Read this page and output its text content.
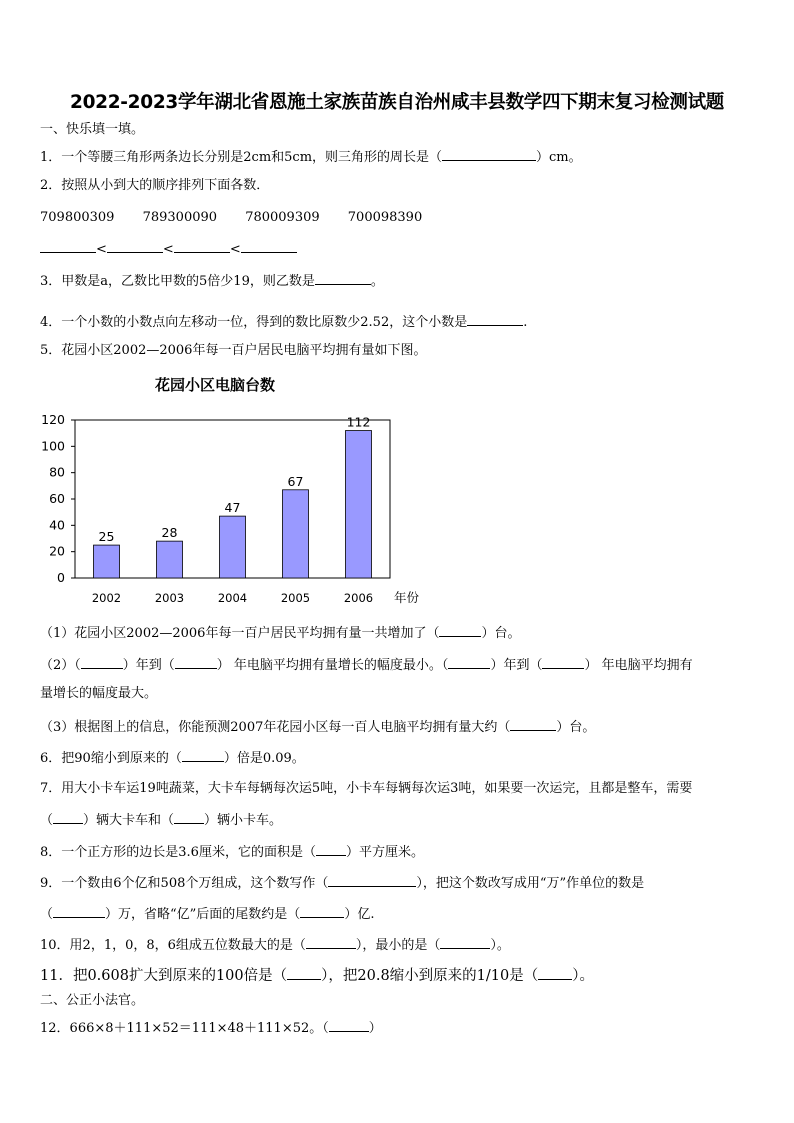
2022-2023学年湖北省恩施土家族苗族自治州咸丰县数学四下期末复习检测试题
一、快乐填一填。
1．一个等腰三角形两条边长分别是2cm和5cm，则三角形的周长是（	）cm。
2．按照从小到大的顺序排列下面各数．
709800309 789300090 780009309 700098390
<	<	<
3．甲数是a，乙数比甲数的5倍少19，则乙数是	。
4．一个小数的小数点向左移动一位，得到的数比原数少2.52，这个小数是	.
5．花园小区2002—2006年每一百户居民电脑平均拥有量如下图。
花园小区电脑台数
0
20
40
60
80
100
120
25
2002
28
2003
47
2004
67
2005
112
2006 年份
（1）花园小区2002—2006年每一百户居民平均拥有量一共增加了（	）台。
（2）（	）年到（	） 年电脑平均拥有量增长的幅度最小。（	）年到（	） 年电脑平均拥有
量增长的幅度最大。
（3）根据图上的信息，你能预测2007年花园小区每一百人电脑平均拥有量大约（	）台。
6．把90缩小到原来的（	）倍是0.09。
7．用大小卡车运19吨蔬菜，大卡车每辆每次运5吨，小卡车每辆每次运3吨，如果要一次运完，且都是整车，需要
（ ）辆大卡车和（ ）辆小卡车。
8．一个正方形的边长是3.6厘米，它的面积是（ ）平方厘米。
9．一个数由6个亿和508个万组成，这个数写作（	），把这个数改写成用“万”作单位的数是
（	）万，省略“亿”后面的尾数约是（	）亿.
10．用2，1，0，8，6组成五位数最大的是（	），最小的是（	）。
11．把0.608扩大到原来的100倍是（ ），把20.8缩小到原来的1/10是（ ）。
二、公正小法官。
12．666×8＋111×52＝111×48＋111×52。（	）
